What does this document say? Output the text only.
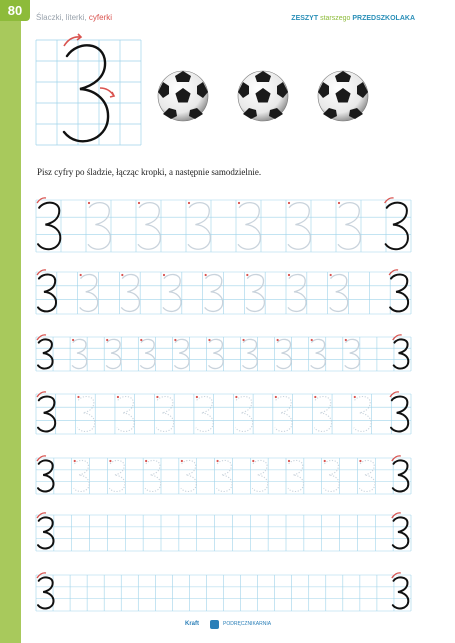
80	Ślaczki, literki, cyferki	ZESZYT starszego PRZEDSZKOLAKA
Pisz cyfry po śladzie, łącząc kropki, a następnie samodzielnie.
Kraft	PODRĘCZNIKARNIA
